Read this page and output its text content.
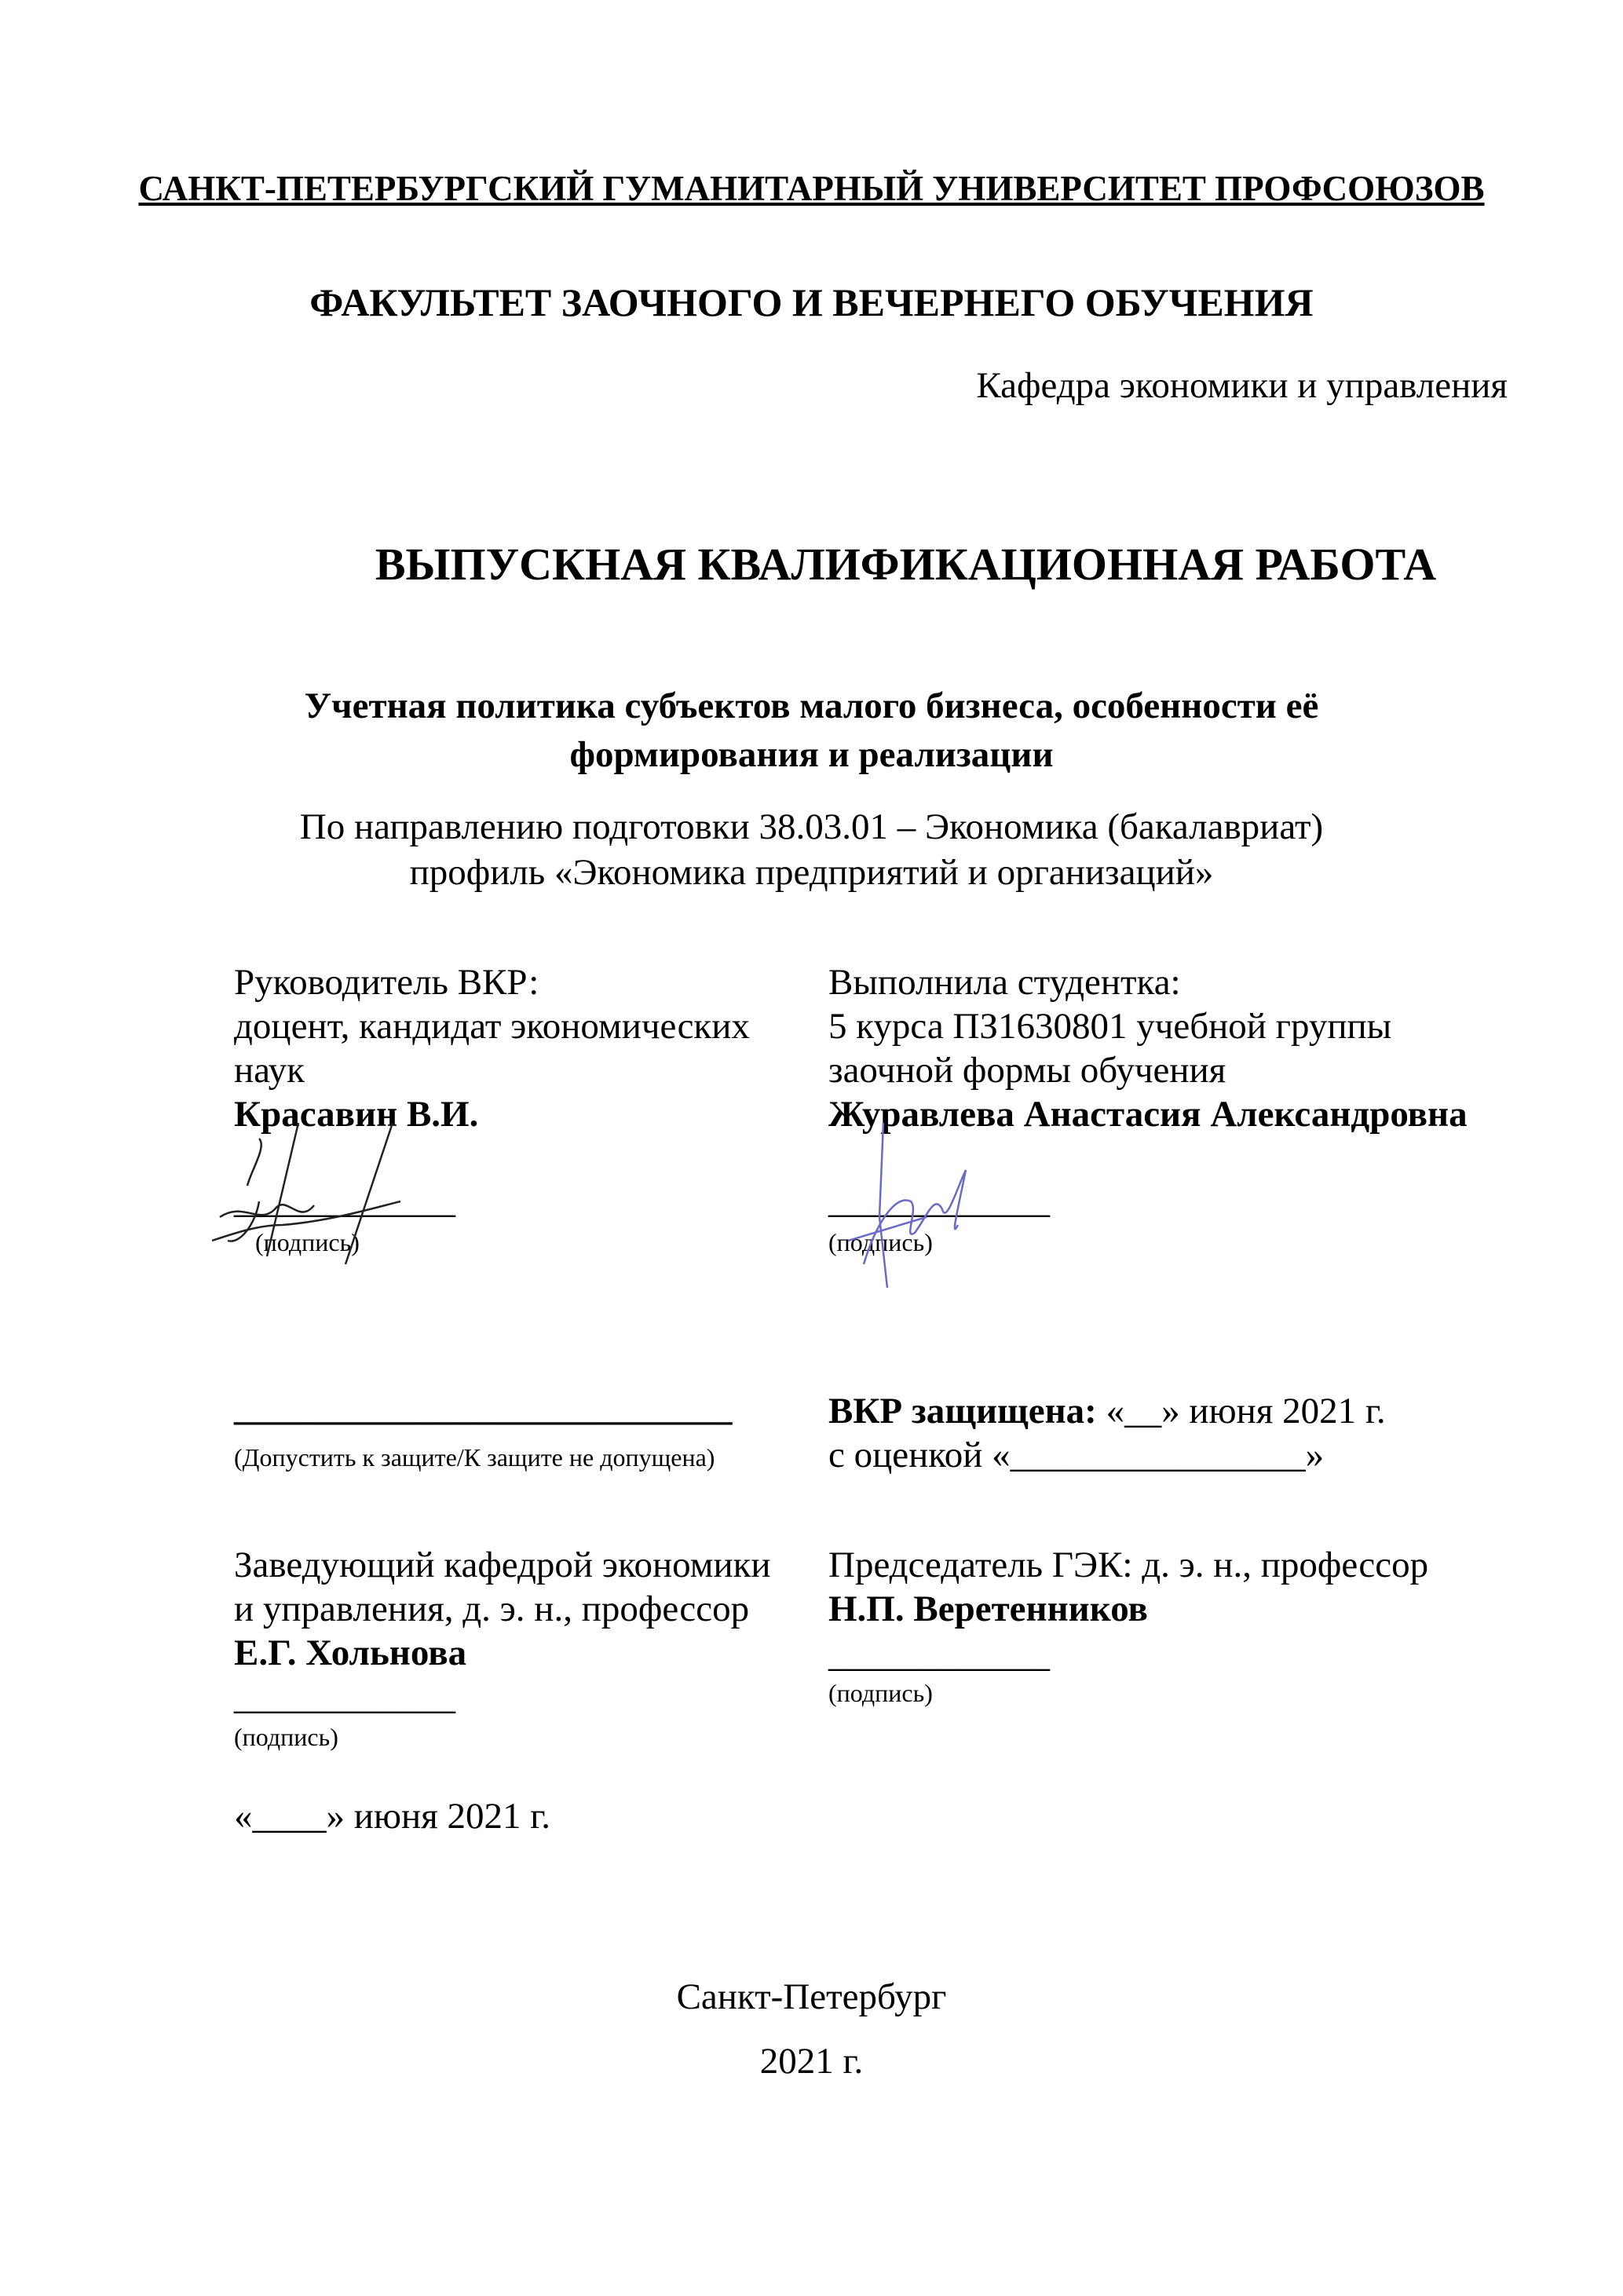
САНКТ-ПЕТЕРБУРГСКИЙ ГУМАНИТАРНЫЙ УНИВЕРСИТЕТ ПРОФСОЮЗОВ
ФАКУЛЬТЕТ ЗАОЧНОГО И ВЕЧЕРНЕГО ОБУЧЕНИЯ
Кафедра экономики и управления
ВЫПУСКНАЯ КВАЛИФИКАЦИОННАЯ РАБОТА
Учетная политика субъектов малого бизнеса, особенности её
формирования и реализации
По направлению подготовки 38.03.01 – Экономика (бакалавриат)
профиль «Экономика предприятий и организаций»
Руководитель ВКР:
доцент, кандидат экономических
наук
Красавин В.И.
____________
(подпись)
Выполнила студентка:
5 курса ПЗ1630801 учебной группы
заочной формы обучения
Журавлева Анастасия Александровна
____________
(подпись)
___________________________
(Допустить к защите/К защите не допущена)
ВКР защищена: «__» июня 2021 г.
с оценкой «________________»
Заведующий кафедрой экономики
и управления, д. э. н., профессор
Е.Г. Хольнова
____________
(подпись)
Председатель ГЭК: д. э. н., профессор
Н.П. Веретенников
____________
(подпись)
«____» июня 2021 г.
Санкт-Петербург
2021 г.
